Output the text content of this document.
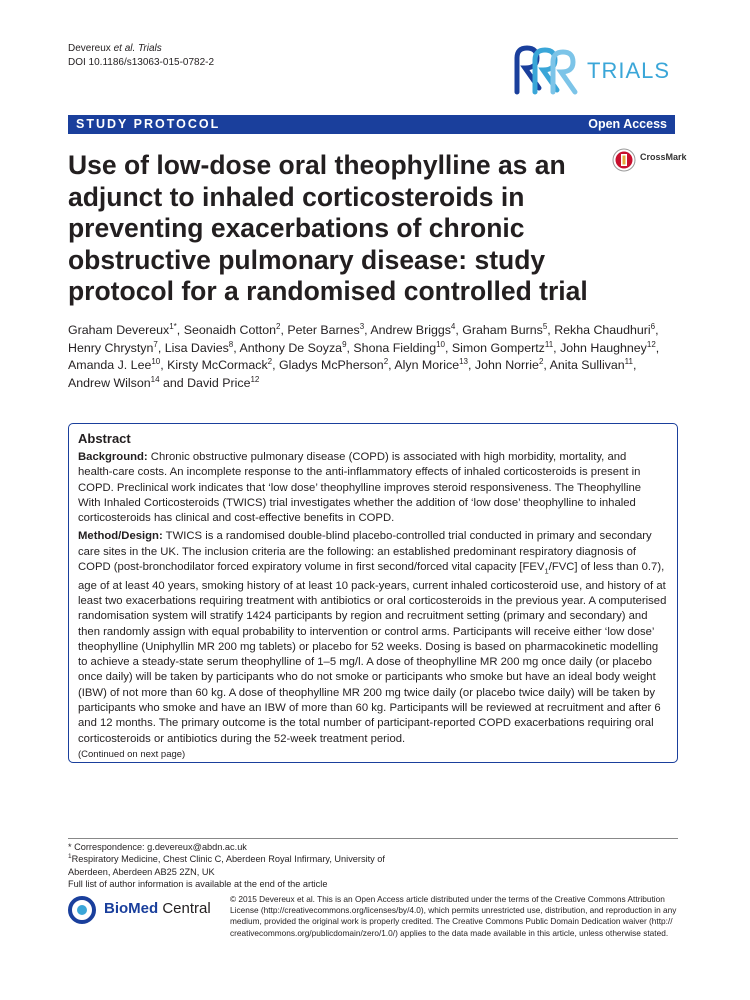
Devereux et al. Trials
DOI 10.1186/s13063-015-0782-2	TRIALS
STUDY PROTOCOL	Open Access
CrossMark
Use of low-dose oral theophylline as an
adjunct to inhaled corticosteroids in
preventing exacerbations of chronic
obstructive pulmonary disease: study
protocol for a randomised controlled trial
Graham Devereux$^{1*}$, Seonaidh Cotton$^2$, Peter Barnes$^3$, Andrew Briggs$^4$, Graham Burns$^5$, Rekha Chaudhuri$^6$,
Henry Chrystyn$^7$, Lisa Davies$^8$, Anthony De Soyza$^9$, Shona Fielding$^{10}$, Simon Gompertz$^{11}$, John Haughney$^{12}$,
Amanda J. Lee$^{10}$, Kirsty McCormack$^2$, Gladys McPherson$^2$, Alyn Morice$^{13}$, John Norrie$^2$, Anita Sullivan$^{11}$,
Andrew Wilson$^{14}$ and David Price$^{12}$
Abstract
Background: Chronic obstructive pulmonary disease (COPD) is associated with high morbidity, mortality, and
health-care costs. An incomplete response to the anti-inflammatory effects of inhaled corticosteroids is present in
COPD. Preclinical work indicates that ‘low dose’ theophylline improves steroid responsiveness. The Theophylline
With Inhaled Corticosteroids (TWICS) trial investigates whether the addition of ‘low dose’ theophylline to inhaled
corticosteroids has clinical and cost-effective benefits in COPD.
Method/Design: TWICS is a randomised double-blind placebo-controlled trial conducted in primary and secondary
care sites in the UK. The inclusion criteria are the following: an established predominant respiratory diagnosis of
COPD (post-bronchodilator forced expiratory volume in first second/forced vital capacity $[FEV_1/FVC]$ of less than 0.7),
age of at least 40 years, smoking history of at least 10 pack-years, current inhaled corticosteroid use, and history of at
least two exacerbations requiring treatment with antibiotics or oral corticosteroids in the previous year. A computerised
randomisation system will stratify 1424 participants by region and recruitment setting (primary and secondary) and
then randomly assign with equal probability to intervention or control arms. Participants will receive either ‘low dose’
theophylline (Uniphyllin MR 200 mg tablets) or placebo for 52 weeks. Dosing is based on pharmacokinetic modelling
to achieve a steady-state serum theophylline of 1–5 mg/l. A dose of theophylline MR 200 mg once daily (or placebo
once daily) will be taken by participants who do not smoke or participants who smoke but have an ideal body weight
(IBW) of not more than 60 kg. A dose of theophylline MR 200 mg twice daily (or placebo twice daily) will be taken by
participants who smoke and have an IBW of more than 60 kg. Participants will be reviewed at recruitment and after 6
and 12 months. The primary outcome is the total number of participant-reported COPD exacerbations requiring oral
corticosteroids or antibiotics during the 52-week treatment period.
(Continued on next page)
* Correspondence: g.devereux@abdn.ac.uk
$^1$Respiratory Medicine, Chest Clinic C, Aberdeen Royal Infirmary, University of
Aberdeen, Aberdeen AB25 2ZN, UK
Full list of author information is available at the end of the article
BioMed Central
© 2015 Devereux et al. This is an Open Access article distributed under the terms of the Creative Commons Attribution
License (http://creativecommons.org/licenses/by/4.0), which permits unrestricted use, distribution, and reproduction in any
medium, provided the original work is properly credited. The Creative Commons Public Domain Dedication waiver (http://
creativecommons.org/publicdomain/zero/1.0/) applies to the data made available in this article, unless otherwise stated.
